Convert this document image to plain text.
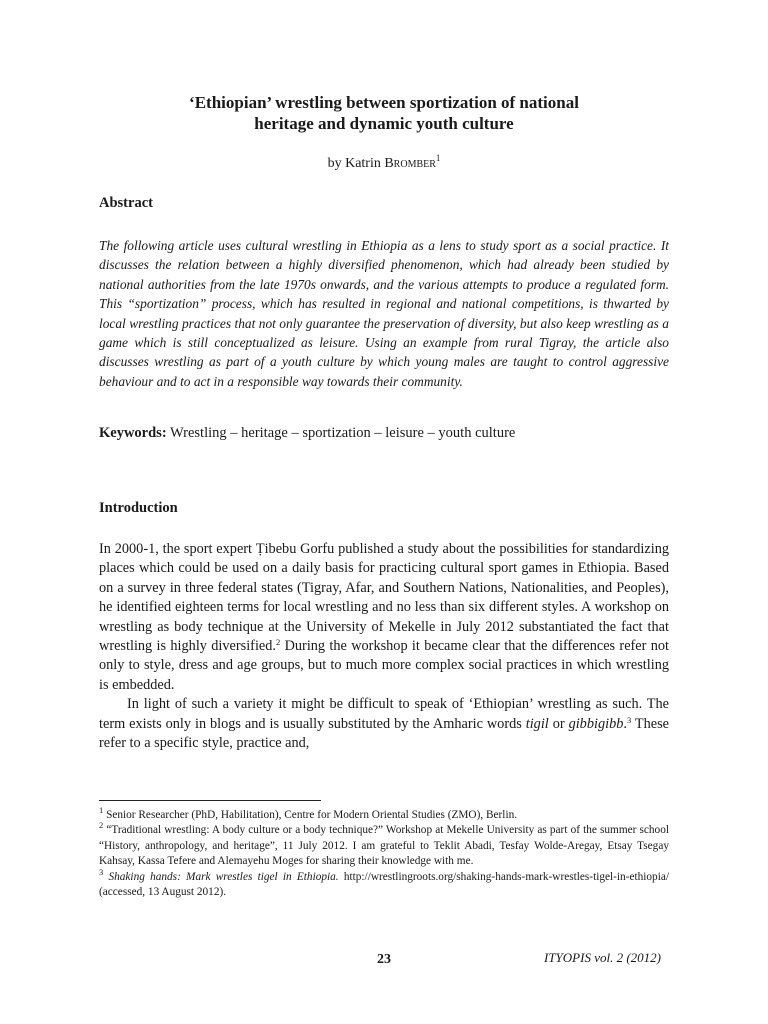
‘Ethiopian’ wrestling between sportization of national
heritage and dynamic youth culture
by Katrin Bromber$^1$
Abstract

The following article uses cultural wrestling in Ethiopia as a lens to study sport as a social practice. It discusses the relation between a highly diversified phenomenon, which had already been studied by national authorities from the late 1970s onwards, and the various attempts to produce a regulated form. This “sportization” process, which has resulted in regional and national competitions, is thwarted by local wrestling practices that not only guarantee the preservation of diversity, but also keep wrestling as a game which is still conceptualized as leisure. Using an example from rural Tigray, the article also discusses wrestling as part of a youth culture by which young males are taught to control aggressive behaviour and to act in a responsible way towards their community.

Keywords: Wrestling – heritage – sportization – leisure – youth culture

Introduction

In 2000-1, the sport expert Ṭibebu Gorfu published a study about the possibilities for standardizing places which could be used on a daily basis for practicing cultural sport games in Ethiopia. Based on a survey in three federal states (Tigray, Afar, and Southern Nations, Nationalities, and Peoples), he identified eighteen terms for local wrestling and no less than six different styles. A workshop on wrestling as body technique at the University of Mekelle in July 2012 substantiated the fact that wrestling is highly diversified.$^2$ During the workshop it became clear that the differences refer not only to style, dress and age groups, but to much more complex social practices in which wrestling is embedded.

In light of such a variety it might be difficult to speak of ‘Ethiopian’ wrestling as such. The term exists only in blogs and is usually substituted by the Amharic words tigil or gibbigibb.$^3$ These refer to a specific style, practice and,

$^1$ Senior Researcher (PhD, Habilitation), Centre for Modern Oriental Studies (ZMO), Berlin.

$^2$ “Traditional wrestling: A body culture or a body technique?” Workshop at Mekelle University as part of the summer school “History, anthropology, and heritage”, 11 July 2012. I am grateful to Teklit Abadi, Tesfay Wolde-Aregay, Etsay Tsegay Kahsay, Kassa Tefere and Alemayehu Moges for sharing their knowledge with me.

$^3$ Shaking hands: Mark wrestles tigel in Ethiopia. http://wrestlingroots.org/shaking-hands-mark-wrestles-tigel-in-ethiopia/ (accessed, 13 August 2012).

23	ITYOPIS vol. 2 (2012)
